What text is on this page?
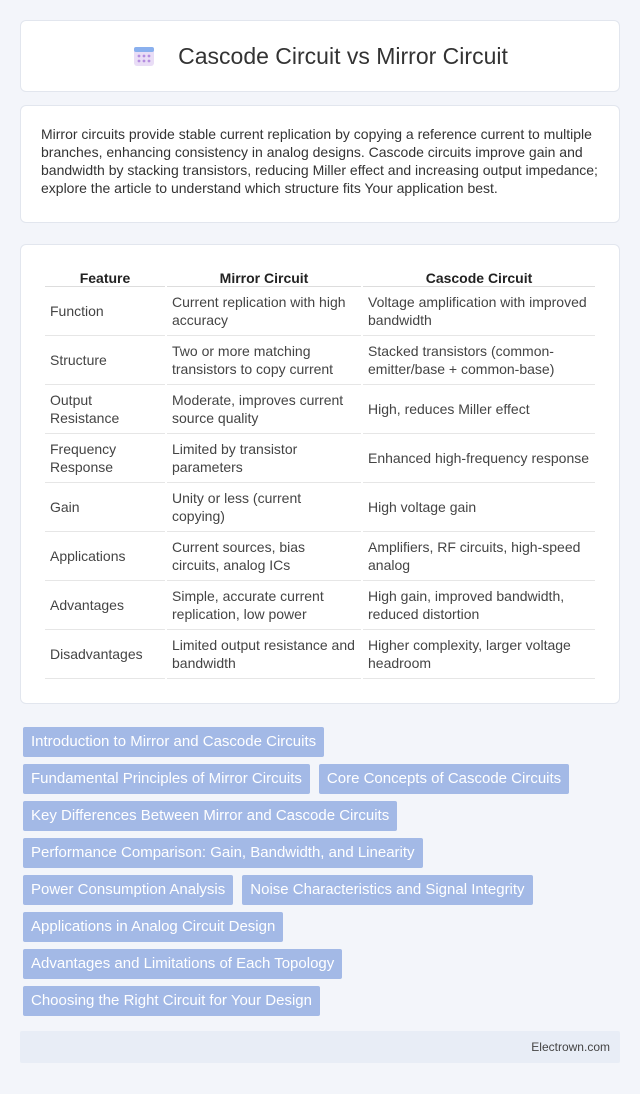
Cascode Circuit vs Mirror Circuit

Mirror circuits provide stable current replication by copying a reference current to multiple branches, enhancing consistency in analog designs. Cascode circuits improve gain and bandwidth by stacking transistors, reducing Miller effect and increasing output impedance; explore the article to understand which structure fits Your application best.

Feature	Mirror Circuit	Cascode Circuit
Function	Current replication with high accuracy	Voltage amplification with improved bandwidth
Structure	Two or more matching transistors to copy current	Stacked transistors (common-emitter/base + common-base)
Output Resistance	Moderate, improves current source quality	High, reduces Miller effect
Frequency Response	Limited by transistor parameters	Enhanced high-frequency response
Gain	Unity or less (current copying)	High voltage gain
Applications	Current sources, bias circuits, analog ICs	Amplifiers, RF circuits, high-speed analog
Advantages	Simple, accurate current replication, low power	High gain, improved bandwidth, reduced distortion
Disadvantages	Limited output resistance and bandwidth	Higher complexity, larger voltage headroom
Introduction to Mirror and Cascode Circuits
Fundamental Principles of Mirror Circuits	Core Concepts of Cascode Circuits
Key Differences Between Mirror and Cascode Circuits
Performance Comparison: Gain, Bandwidth, and Linearity
Power Consumption Analysis	Noise Characteristics and Signal Integrity
Applications in Analog Circuit Design
Advantages and Limitations of Each Topology
Choosing the Right Circuit for Your Design
Electrown.com
